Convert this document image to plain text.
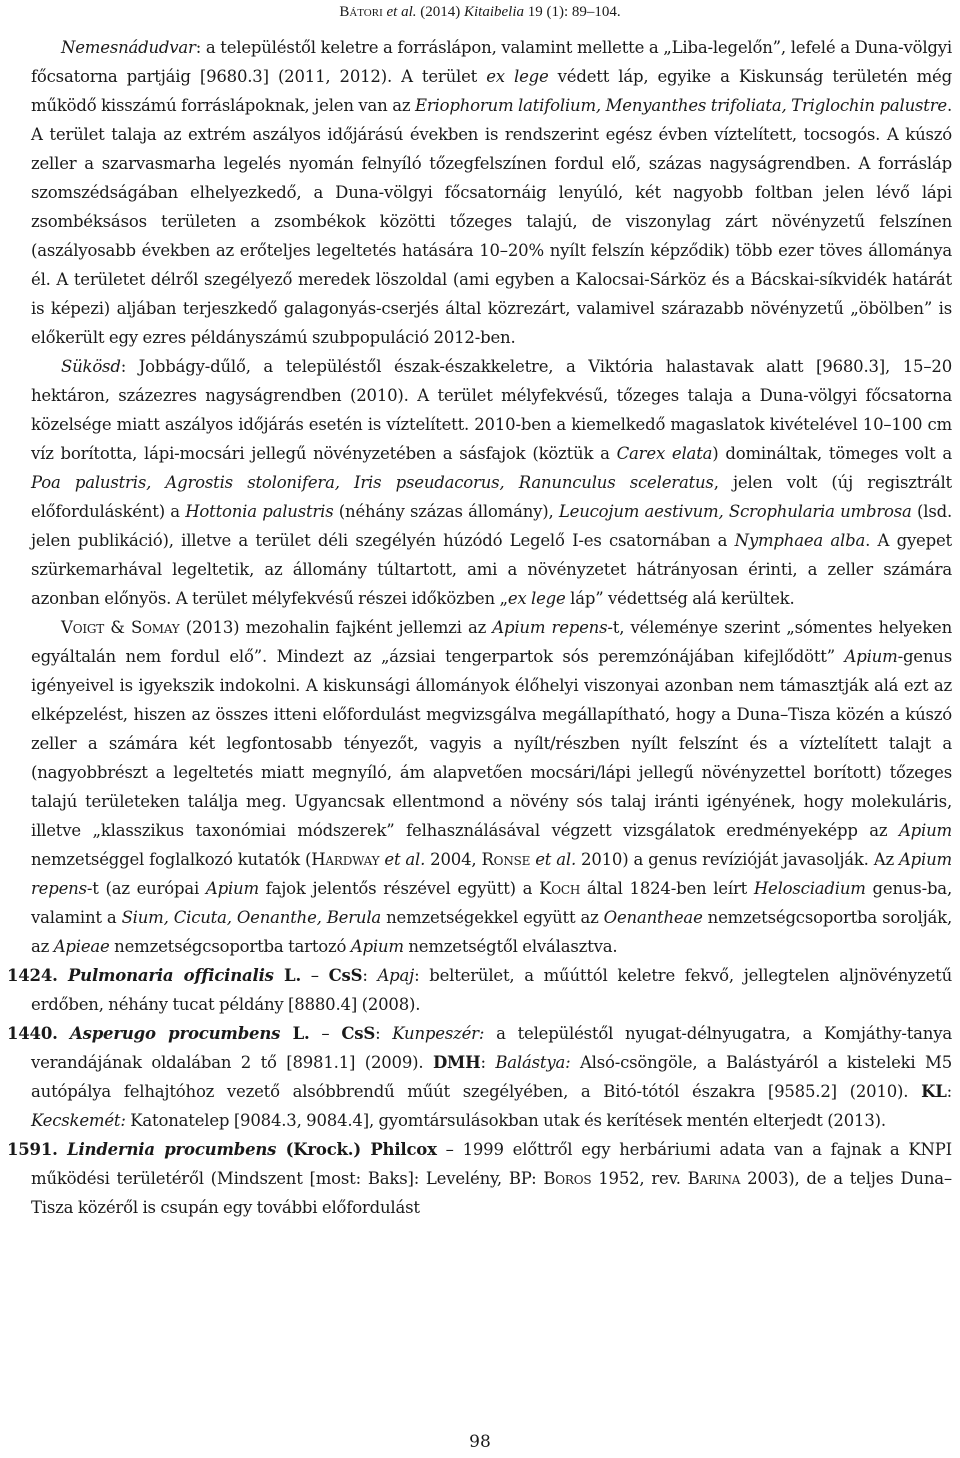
Bátori et al. (2014) Kitaibelia 19 (1): 89–104.

Nemesnádudvar: a településtől keletre a forráslápon, valamint mellette a „Liba-legelőn”, lefelé a Duna-völgyi főcsatorna partjáig [9680.3] (2011, 2012). A terület ex lege védett láp, egyike a Kiskunság területén még működő kisszámú forráslápoknak, jelen van az Eriophorum latifolium, Menyanthes trifoliata, Triglochin palustre. A terület talaja az extrém aszályos időjárású években is rendszerint egész évben víztelített, tocsogós. A kúszó zeller a szarvasmarha legelés nyomán felnyíló tőzegfelszínen fordul elő, százas nagyságrendben. A forrásláp szomszédságában elhelyezkedő, a Duna-völgyi főcsatornáig lenyúló, két nagyobb foltban jelen lévő lápi zsombéksásos területen a zsombékok közötti tőzeges talajú, de viszonylag zárt növényzetű felszínen (aszályosabb években az erőteljes legeltetés hatására 10–20% nyílt felszín képződik) több ezer töves állománya él. A területet délről szegélyező meredek löszoldal (ami egyben a Kalocsai-Sárköz és a Bácskai-síkvidék határát is képezi) aljában terjeszkedő galagonyás-cserjés által közrezárt, valamivel szárazabb növényzetű „öbölben” is előkerült egy ezres példányszámú szubpopuláció 2012-ben.

Sükösd: Jobbágy-dűlő, a településtől észak-északkeletre, a Viktória halastavak alatt [9680.3], 15–20 hektáron, százezres nagyságrendben (2010). A terület mélyfekvésű, tőzeges talaja a Duna-völgyi főcsatorna közelsége miatt aszályos időjárás esetén is víztelített. 2010-ben a kiemelkedő magaslatok kivételével 10–100 cm víz borította, lápi-mocsári jellegű növényzetében a sásfajok (köztük a Carex elata) domináltak, tömeges volt a Poa palustris, Agrostis stolonifera, Iris pseudacorus, Ranunculus sceleratus, jelen volt (új regisztrált előfordulásként) a Hottonia palustris (néhány százas állomány), Leucojum aestivum, Scrophularia umbrosa (lsd. jelen publikáció), illetve a terület déli szegélyén húzódó Legelő I-es csatornában a Nymphaea alba. A gyepet szürkemarhával legeltetik, az állomány túltartott, ami a növényzetet hátrányosan érinti, a zeller számára azonban előnyös. A terület mélyfekvésű részei időközben „ex lege láp” védettség alá kerültek.

Voigt & Somay (2013) mezohalin fajként jellemzi az Apium repens-t, véleménye szerint „sómentes helyeken egyáltalán nem fordul elő”. Mindezt az „ázsiai tengerpartok sós peremzónájában kifejlődött” Apium-genus igényeivel is igyekszik indokolni. A kiskunsági állományok élőhelyi viszonyai azonban nem támasztják alá ezt az elképzelést, hiszen az összes itteni előfordulást megvizsgálva megállapítható, hogy a Duna–Tisza közén a kúszó zeller a számára két legfontosabb tényezőt, vagyis a nyílt/részben nyílt felszínt és a víztelített talajt a (nagyobbrészt a legeltetés miatt megnyíló, ám alapvetően mocsári/lápi jellegű növényzettel borított) tőzeges talajú területeken találja meg. Ugyancsak ellentmond a növény sós talaj iránti igényének, hogy molekuláris, illetve „klasszikus taxonómiai módszerek” felhasználásával végzett vizsgálatok eredményeképp az Apium nemzetséggel foglalkozó kutatók (Hardway et al. 2004, Ronse et al. 2010) a genus revízióját javasolják. Az Apium repens-t (az európai Apium fajok jelentős részével együtt) a Koch által 1824-ben leírt Helosciadium genus-ba, valamint a Sium, Cicuta, Oenanthe, Berula nemzetségekkel együtt az Oenantheae nemzetségcsoportba sorolják, az Apieae nemzetségcsoportba tartozó Apium nemzetségtől elválasztva.

1424. Pulmonaria officinalis L. – CsS: Apaj: belterület, a műúttól keletre fekvő, jellegtelen aljnövényzetű erdőben, néhány tucat példány [8880.4] (2008).

1440. Asperugo procumbens L. – CsS: Kunpeszér: a településtől nyugat-délnyugatra, a Komjáthy-tanya verandájának oldalában 2 tő [8981.1] (2009). DMH: Balástya: Alsó-csöngöle, a Balástyáról a kisteleki M5 autópálya felhajtóhoz vezető alsóbbrendű műút szegélyében, a Bitó-tótól északra [9585.2] (2010). KL: Kecskemét: Katonatelep [9084.3, 9084.4], gyomtársulásokban utak és kerítések mentén elterjedt (2013).

1591. Lindernia procumbens (Krock.) Philcox – 1999 előttről egy herbáriumi adata van a fajnak a KNPI működési területéről (Mindszent [most: Baks]: Levelény, BP: Boros 1952, rev. Barina 2003), de a teljes Duna–Tisza közéről is csupán egy további előfordulást

98
